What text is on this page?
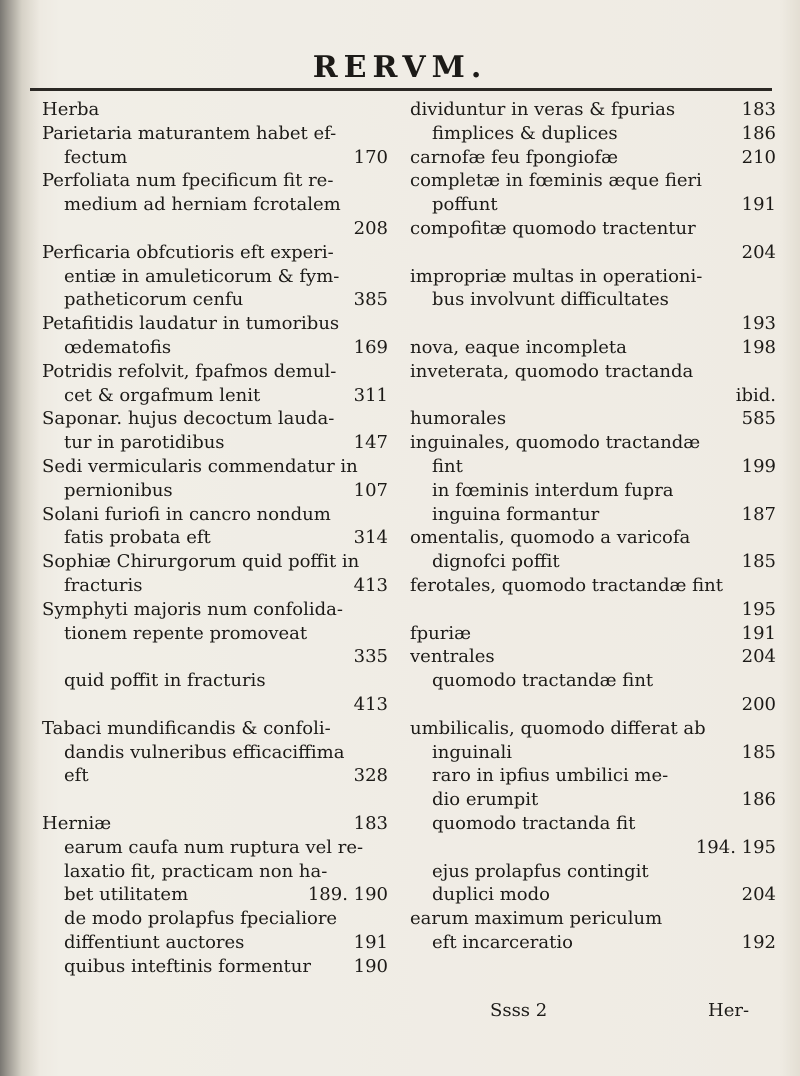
RERVM.
Herba
Parietaria maturantem habet ef-
170
fectum
Perfoliata num fpecificum fit re-
medium ad herniam fcrotalem
208
Perficaria obfcutioris eft experi-
entiæ in amuleticorum & fym-
385
patheticorum cenfu
Petafitidis laudatur in tumoribus
169
œdematofis
Potridis refolvit, fpafmos demul-
311
cet & orgafmum lenit
Saponar. hujus decoctum lauda-
147
tur in parotidibus
Sedi vermicularis commendatur in
107
pernionibus
Solani furiofi in cancro nondum
314
fatis probata eft
Sophiæ Chirurgorum quid poffit in
413
fracturis
Symphyti majoris num confolida-
tionem repente promoveat
335
quid poffit in fracturis
413
Tabaci mundificandis & confoli-
dandis vulneribus efficaciffima
328
eft

183
Herniæ
earum caufa num ruptura vel re-
laxatio fit, practicam non ha-
189. 190
bet utilitatem
de modo prolapfus fpecialiore
191
diffentiunt auctores
190
quibus inteftinis formentur
183
dividuntur in veras & fpurias
186
fimplices & duplices
210
carnofæ feu fpongiofæ
completæ in fœminis æque fieri
191
poffunt
compofitæ quomodo tractentur
204
impropriæ multas in operationi-
bus involvunt difficultates
193
198
nova, eaque incompleta
inveterata, quomodo tractanda
ibid.
585
humorales
inguinales, quomodo tractandæ
199
fint
in fœminis interdum fupra
187
inguina formantur
omentalis, quomodo a varicofa
185
dignofci poffit
ferotales, quomodo tractandæ fint
195
191
fpuriæ
204
ventrales
quomodo tractandæ fint
200
umbilicalis, quomodo differat ab
185
inguinali
raro in ipfius umbilici me-
186
dio erumpit
quomodo tractanda fit
194. 195
ejus prolapfus contingit
204
duplici modo
earum maximum periculum
192
eft incarceratio
Ssss 2	Her-
